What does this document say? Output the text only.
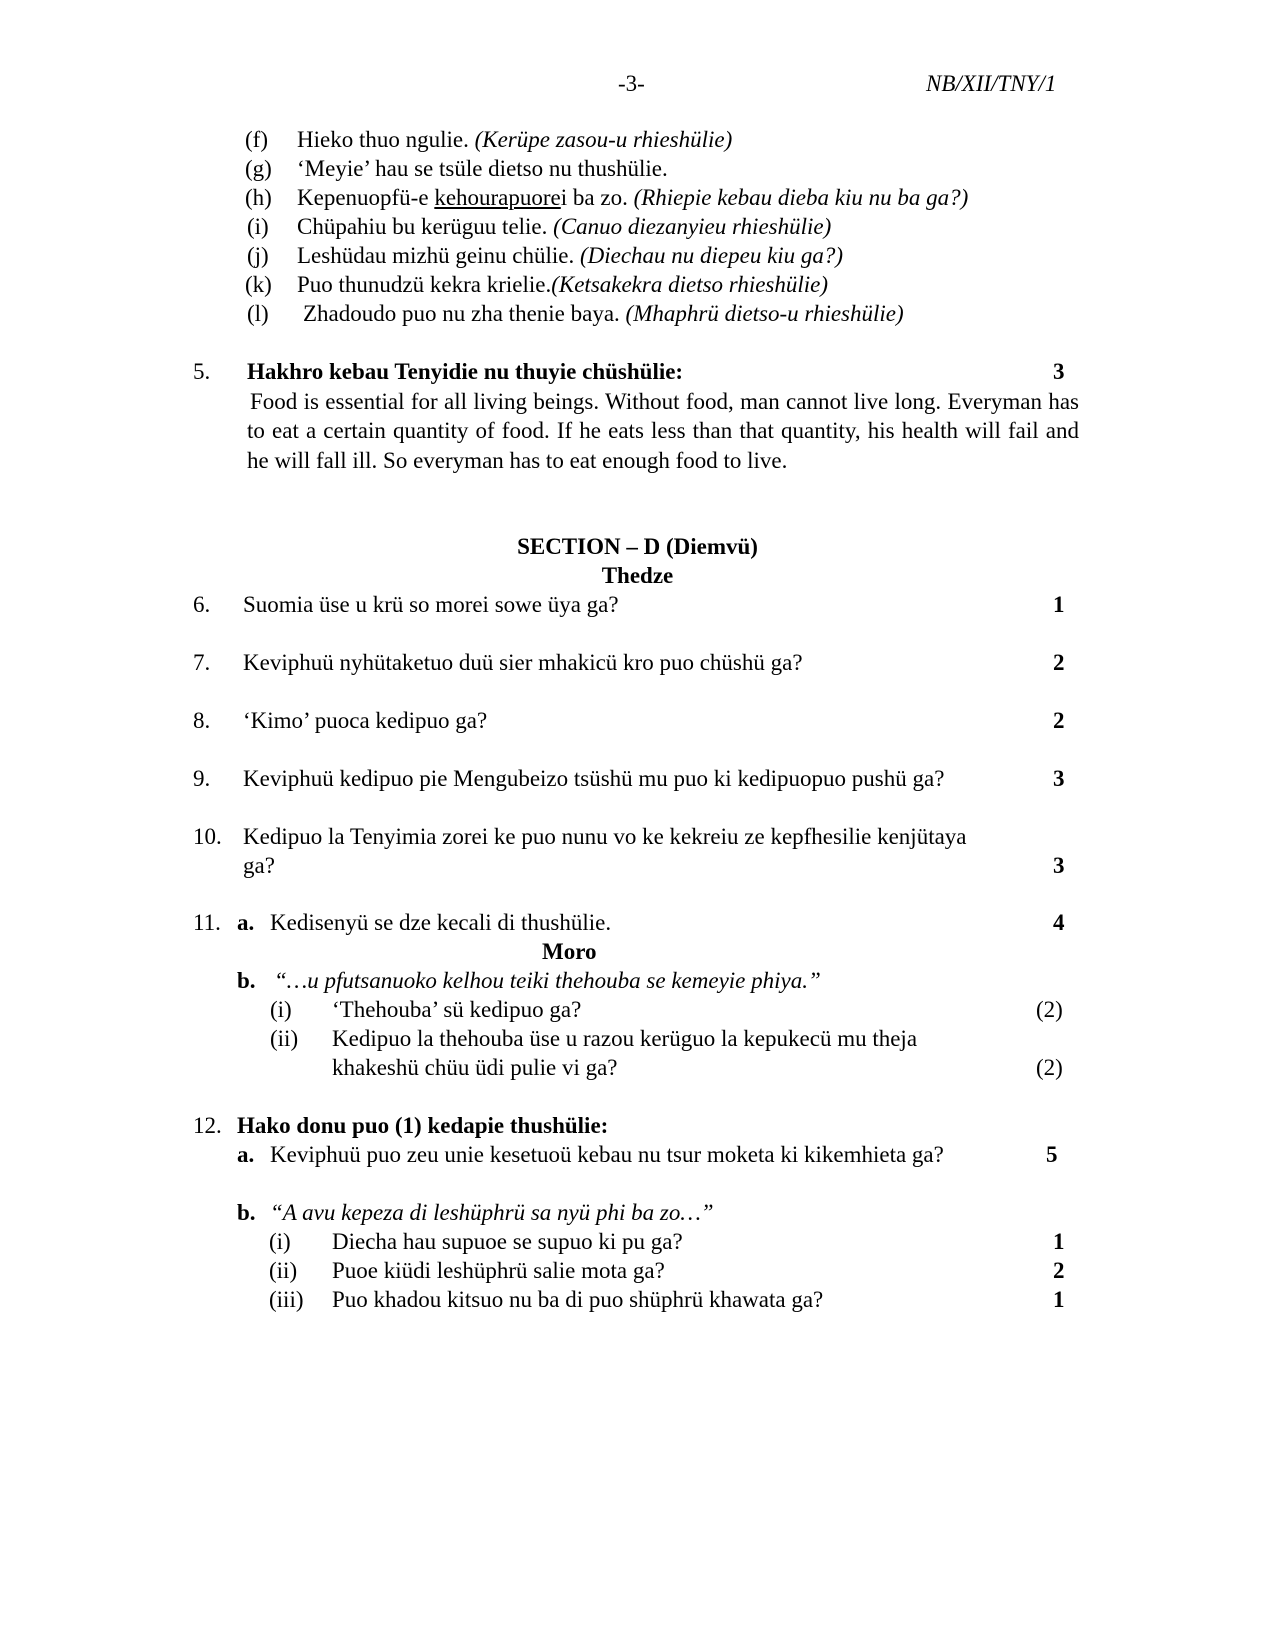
-3-	NB/XII/TNY/1
(f) Hieko thuo ngulie. (Kerüpe zasou-u rhieshülie)
(g) ‘Meyie’ hau se tsüle dietso nu thushülie.
(h) Kepenuopfü-e kehourapuorei ba zo. (Rhiepie kebau dieba kiu nu ba ga?)
(i) Chüpahiu bu kerüguu telie. (Canuo diezanyieu rhieshülie)
(j) Leshüdau mizhü geinu chülie. (Diechau nu diepeu kiu ga?)
(k) Puo thunudzü kekra krielie.(Ketsakekra dietso rhieshülie)
(l) Zhadoudo puo nu zha thenie baya. (Mhaphrü dietso-u rhieshülie)
5. Hakhro kebau Tenyidie nu thuyie chüshülie:	3
Food is essential for all living beings. Without food, man cannot live long. Everyman has to eat a certain quantity of food. If he eats less than that quantity, his health will fail and he will fall ill. So everyman has to eat enough food to live.
SECTION – D (Diemvü)
Thedze
6. Suomia üse u krü so morei sowe üya ga?	1
7. Keviphuü nyhütaketuo duü sier mhakicü kro puo chüshü ga?	2
8. ‘Kimo’ puoca kedipuo ga?	2
9. Keviphuü kedipuo pie Mengubeizo tsüshü mu puo ki kedipuopuo pushü ga?	3
10. Kedipuo la Tenyimia zorei ke puo nunu vo ke kekreiu ze kepfhesilie kenjütaya
ga?	3
11. a. Kedisenyü se dze kecali di thushülie.	4
Moro
b. “…u pfutsanuoko kelhou teiki thehouba se kemeyie phiya.”
(i) ‘Thehouba’ sü kedipuo ga?	(2)
(ii) Kedipuo la thehouba üse u razou kerüguo la kepukecü mu theja
khakeshü chüu üdi pulie vi ga?	(2)
12. Hako donu puo (1) kedapie thushülie:
a. Keviphuü puo zeu unie kesetuoü kebau nu tsur moketa ki kikemhieta ga?	5
b. “A avu kepeza di leshüphrü sa nyü phi ba zo…”
(i) Diecha hau supuoe se supuo ki pu ga?	1
(ii) Puoe kiüdi leshüphrü salie mota ga?	2
(iii) Puo khadou kitsuo nu ba di puo shüphrü khawata ga?	1
